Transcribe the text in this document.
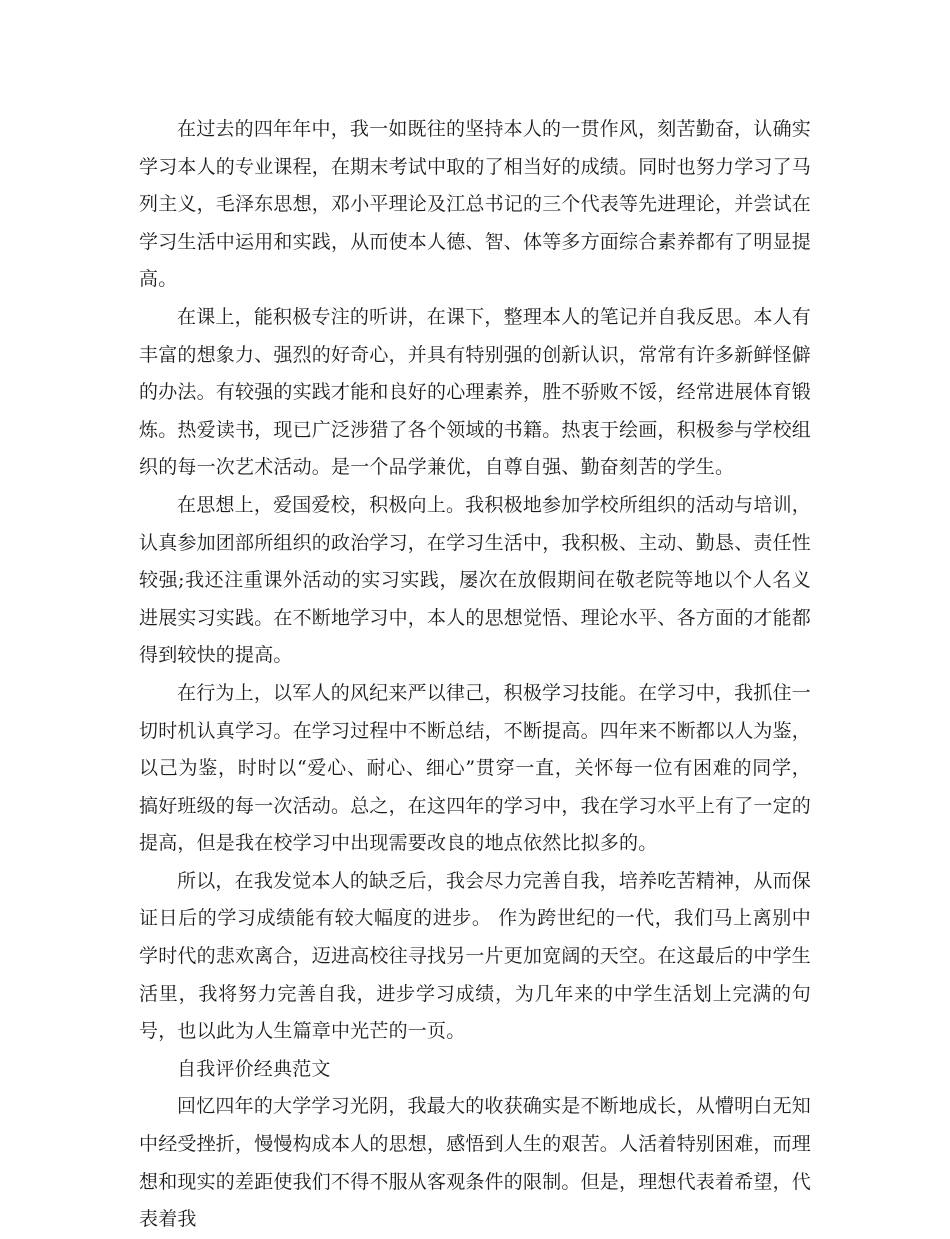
在过去的四年年中，我一如既往的坚持本人的一贯作风，刻苦勤奋，认确实学习本人的专业课程，在期末考试中取的了相当好的成绩。同时也努力学习了马列主义，毛泽东思想，邓小平理论及江总书记的三个代表等先进理论，并尝试在学习生活中运用和实践，从而使本人德、智、体等多方面综合素养都有了明显提高。

在课上，能积极专注的听讲，在课下，整理本人的笔记并自我反思。本人有丰富的想象力、强烈的好奇心，并具有特别强的创新认识，常常有许多新鲜怪僻的办法。有较强的实践才能和良好的心理素养，胜不骄败不馁，经常进展体育锻炼。热爱读书，现已广泛涉猎了各个领域的书籍。热衷于绘画，积极参与学校组织的每一次艺术活动。是一个品学兼优，自尊自强、勤奋刻苦的学生。

在思想上，爱国爱校，积极向上。我积极地参加学校所组织的活动与培训，认真参加团部所组织的政治学习，在学习生活中，我积极、主动、勤恳、责任性较强;我还注重课外活动的实习实践，屡次在放假期间在敬老院等地以个人名义进展实习实践。在不断地学习中，本人的思想觉悟、理论水平、各方面的才能都得到较快的提高。

在行为上，以军人的风纪来严以律己，积极学习技能。在学习中，我抓住一切时机认真学习。在学习过程中不断总结，不断提高。四年来不断都以人为鉴，以己为鉴，时时以“爱心、耐心、细心”贯穿一直，关怀每一位有困难的同学，搞好班级的每一次活动。总之，在这四年的学习中，我在学习水平上有了一定的提高，但是我在校学习中出现需要改良的地点依然比拟多的。

所以，在我发觉本人的缺乏后，我会尽力完善自我，培养吃苦精神，从而保证日后的学习成绩能有较大幅度的进步。 作为跨世纪的一代，我们马上离别中学时代的悲欢离合，迈进高校往寻找另一片更加宽阔的天空。在这最后的中学生活里，我将努力完善自我，进步学习成绩，为几年来的中学生活划上完满的句号，也以此为人生篇章中光芒的一页。

自我评价经典范文

回忆四年的大学学习光阴，我最大的收获确实是不断地成长，从懵明白无知中经受挫折，慢慢构成本人的思想，感悟到人生的艰苦。人活着特别困难，而理想和现实的差距使我们不得不服从客观条件的限制。但是，理想代表着希望，代表着我
